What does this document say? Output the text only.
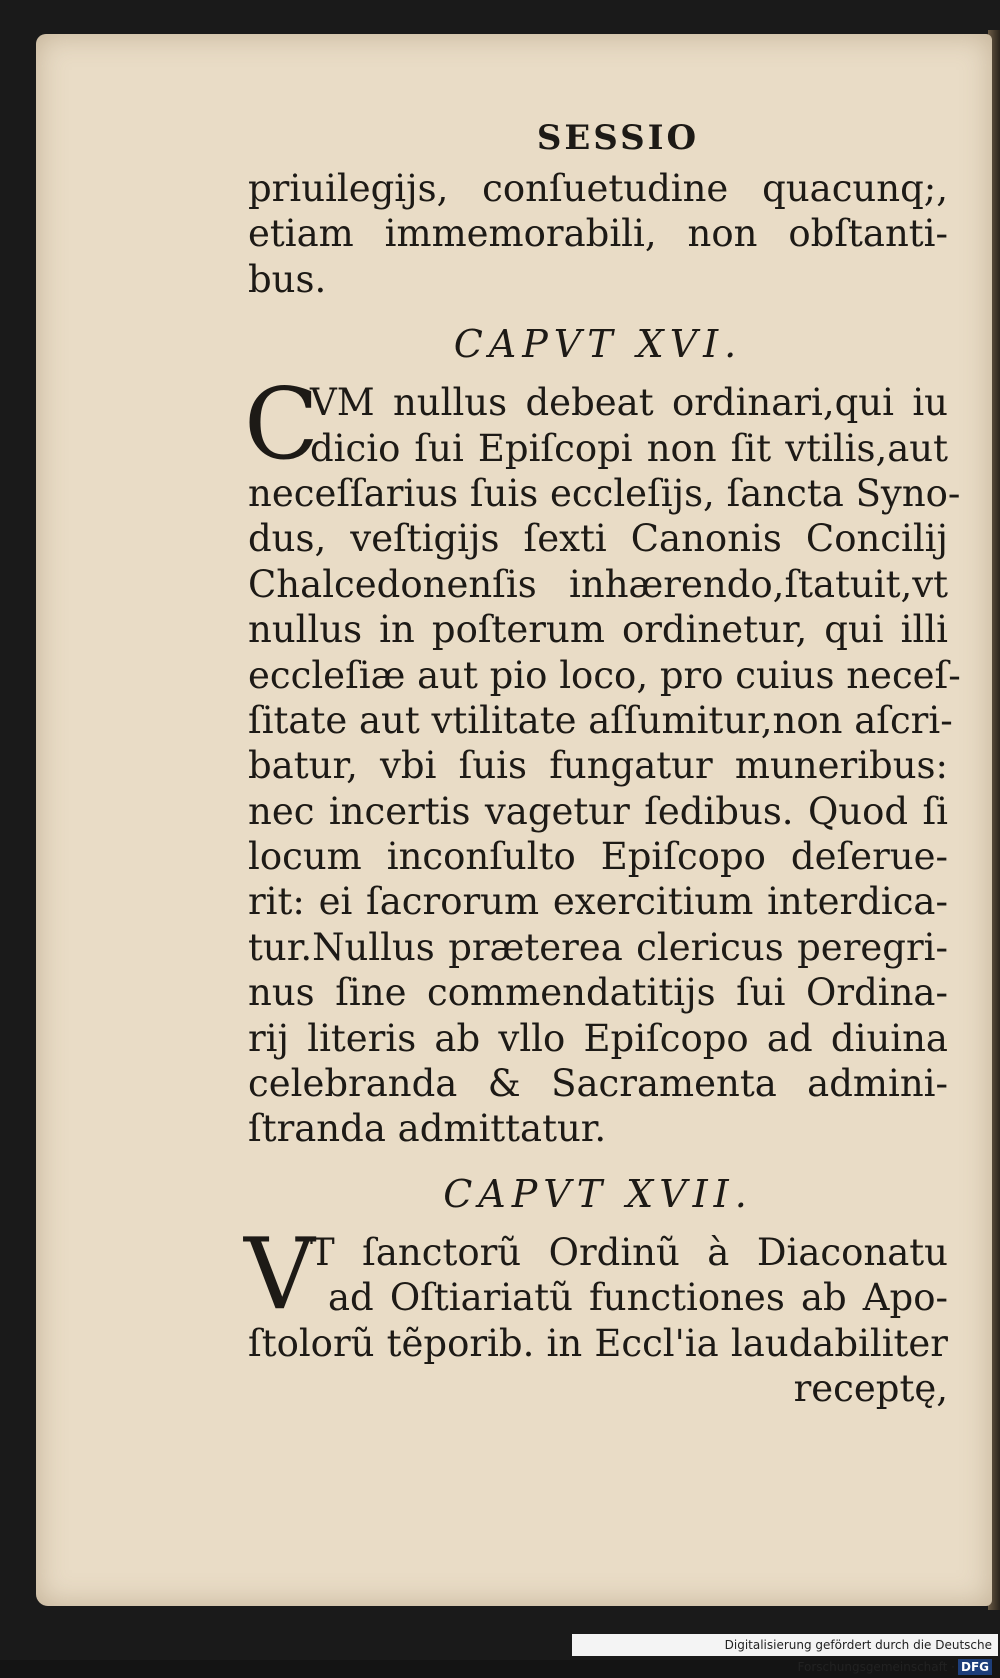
SESSIO
priuilegijs, conſuetudine quacunq;,
etiam immemorabili, non obſtanti-
bus.
CAPVT XVI.
C
VM nullus debeat ordinari,qui iu
dicio ſui Epiſcopi non ſit vtilis,aut
neceſſarius ſuis eccleſijs, ſancta Syno-
dus, veſtigijs ſexti Canonis Concilij
Chalcedonenſis inhærendo,ſtatuit,vt
nullus in poſterum ordinetur, qui illi
eccleſiæ aut pio loco, pro cuius neceſ-
ſitate aut vtilitate aſſumitur,non aſcri-
batur, vbi ſuis fungatur muneribus:
nec incertis vagetur ſedibus. Quod ſi
locum inconſulto Epiſcopo deſerue-
rit: ei ſacrorum exercitium interdica-
tur.Nullus præterea clericus peregri-
nus ſine commendatitijs ſui Ordina-
rij literis ab vllo Epiſcopo ad diuina
celebranda & Sacramenta admini-
ſtranda admittatur.
CAPVT XVII.
V
T ſanctorũ Ordinũ à Diaconatu
ad Oſtiariatũ functiones ab Apo-
ſtolorũ tẽporib. in Eccl'ia laudabiliter
receptę,
Digitalisierung gefördert durch die Deutsche Forschungsgemeinschaft · DFG
